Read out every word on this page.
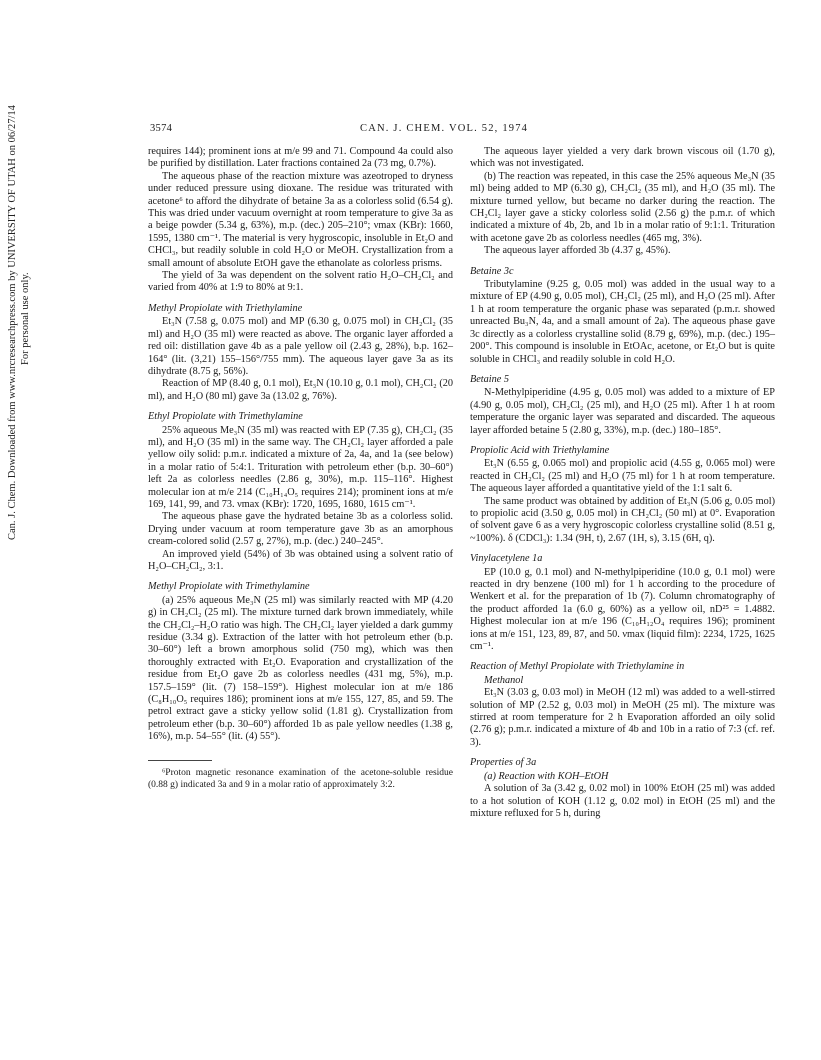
Can. J. Chem. Downloaded from www.nrcresearchpress.com by UNIVERSITY OF UTAH on 06/27/14 For personal use only.
3574	CAN. J. CHEM. VOL. 52, 1974

requires 144); prominent ions at m/e 99 and 71. Compound 4a could also be purified by distillation. Later fractions contained 2a (73 mg, 0.7%).

The aqueous phase of the reaction mixture was azeotroped to dryness under reduced pressure using dioxane. The residue was triturated with acetone⁶ to afford the dihydrate of betaine 3a as a colorless solid (6.54 g). This was dried under vacuum overnight at room temperature to give 3a as a beige powder (5.34 g, 63%), m.p. (dec.) 205–210°; νmax (KBr): 1660, 1595, 1380 cm⁻¹. The material is very hygroscopic, insoluble in Et₂O and CHCl₃, but readily soluble in cold H₂O or MeOH. Crystallization from a small amount of absolute EtOH gave the ethanolate as colorless prisms.

The yield of 3a was dependent on the solvent ratio H₂O–CH₂Cl₂ and varied from 40% at 1:9 to 80% at 9:1.

Methyl Propiolate with Triethylamine

Et₃N (7.58 g, 0.075 mol) and MP (6.30 g, 0.075 mol) in CH₂Cl₂ (35 ml) and H₂O (35 ml) were reacted as above. The organic layer afforded a red oil: distillation gave 4b as a pale yellow oil (2.43 g, 28%), b.p. 162–164° (lit. (3,21) 155–156°/755 mm). The aqueous layer gave 3a as its dihydrate (8.75 g, 56%).

Reaction of MP (8.40 g, 0.1 mol), Et₃N (10.10 g, 0.1 mol), CH₂Cl₂ (20 ml), and H₂O (80 ml) gave 3a (13.02 g, 76%).

Ethyl Propiolate with Trimethylamine

25% aqueous Me₃N (35 ml) was reacted with EP (7.35 g), CH₂Cl₂ (35 ml), and H₂O (35 ml) in the same way. The CH₂Cl₂ layer afforded a pale yellow oily solid: p.m.r. indicated a mixture of 2a, 4a, and 1a (see below) in a molar ratio of 5:4:1. Trituration with petroleum ether (b.p. 30–60°) left 2a as colorless needles (2.86 g, 30%), m.p. 115–116°. Highest molecular ion at m/e 214 (C₁₀H₁₄O₅ requires 214); prominent ions at m/e 169, 141, 99, and 73. νmax (KBr): 1720, 1695, 1680, 1615 cm⁻¹.

The aqueous phase gave the hydrated betaine 3b as a colorless solid. Drying under vacuum at room temperature gave 3b as an amorphous cream-colored solid (2.57 g, 27%), m.p. (dec.) 240–245°.

An improved yield (54%) of 3b was obtained using a solvent ratio of H₂O–CH₂Cl₂, 3:1.

Methyl Propiolate with Trimethylamine

(a) 25% aqueous Me₃N (25 ml) was similarly reacted with MP (4.20 g) in CH₂Cl₂ (25 ml). The mixture turned dark brown immediately, while the CH₂Cl₂–H₂O ratio was high. The CH₂Cl₂ layer yielded a dark gummy residue (3.34 g). Extraction of the latter with hot petroleum ether (b.p. 30–60°) left a brown amorphous solid (750 mg), which was then thoroughly extracted with Et₂O. Evaporation and crystallization of the residue from Et₂O gave 2b as colorless needles (431 mg, 5%), m.p. 157.5–159° (lit. (7) 158–159°). Highest molecular ion at m/e 186 (C₈H₁₀O₅ requires 186); prominent ions at m/e 155, 127, 85, and 59. The petrol extract gave a sticky yellow solid (1.81 g). Crystallization from petroleum ether (b.p. 30–60°) afforded 1b as pale yellow needles (1.38 g, 16%), m.p. 54–55° (lit. (4) 55°).

⁶Proton magnetic resonance examination of the acetone-soluble residue (0.88 g) indicated 3a and 9 in a molar ratio of approximately 3:2.

The aqueous layer yielded a very dark brown viscous oil (1.70 g), which was not investigated.

(b) The reaction was repeated, in this case the 25% aqueous Me₃N (35 ml) being added to MP (6.30 g), CH₂Cl₂ (35 ml), and H₂O (35 ml). The mixture turned yellow, but became no darker during the reaction. The CH₂Cl₂ layer gave a sticky colorless solid (2.56 g) the p.m.r. of which indicated a mixture of 4b, 2b, and 1b in a molar ratio of 9:1:1. Trituration with acetone gave 2b as colorless needles (465 mg, 3%).

The aqueous layer afforded 3b (4.37 g, 45%).

Betaine 3c

Tributylamine (9.25 g, 0.05 mol) was added in the usual way to a mixture of EP (4.90 g, 0.05 mol), CH₂Cl₂ (25 ml), and H₂O (25 ml). After 1 h at room temperature the organic phase was separated (p.m.r. showed unreacted Bu₃N, 4a, and a small amount of 2a). The aqueous phase gave 3c directly as a colorless crystalline solid (8.79 g, 69%), m.p. (dec.) 195–200°. This compound is insoluble in EtOAc, acetone, or Et₂O but is quite soluble in CHCl₃ and readily soluble in cold H₂O.

Betaine 5

N-Methylpiperidine (4.95 g, 0.05 mol) was added to a mixture of EP (4.90 g, 0.05 mol), CH₂Cl₂ (25 ml), and H₂O (25 ml). After 1 h at room temperature the organic layer was separated and discarded. The aqueous layer afforded betaine 5 (2.80 g, 33%), m.p. (dec.) 180–185°.

Propiolic Acid with Triethylamine

Et₃N (6.55 g, 0.065 mol) and propiolic acid (4.55 g, 0.065 mol) were reacted in CH₂Cl₂ (25 ml) and H₂O (75 ml) for 1 h at room temperature. The aqueous layer afforded a quantitative yield of the 1:1 salt 6.

The same product was obtained by addition of Et₃N (5.06 g, 0.05 mol) to propiolic acid (3.50 g, 0.05 mol) in CH₂Cl₂ (50 ml) at 0°. Evaporation of solvent gave 6 as a very hygroscopic colorless crystalline solid (8.51 g, ~100%). δ (CDCl₃): 1.34 (9H, t), 2.67 (1H, s), 3.15 (6H, q).

Vinylacetylene 1a

EP (10.0 g, 0.1 mol) and N-methylpiperidine (10.0 g, 0.1 mol) were reacted in dry benzene (100 ml) for 1 h according to the procedure of Wenkert et al. for the preparation of 1b (7). Column chromatography of the product afforded 1a (6.0 g, 60%) as a yellow oil, nD²⁵ = 1.4882. Highest molecular ion at m/e 196 (C₁₀H₁₂O₄ requires 196); prominent ions at m/e 151, 123, 89, 87, and 50. νmax (liquid film): 2234, 1725, 1625 cm⁻¹.

Reaction of Methyl Propiolate with Triethylamine in
Methanol

Et₃N (3.03 g, 0.03 mol) in MeOH (12 ml) was added to a well-stirred solution of MP (2.52 g, 0.03 mol) in MeOH (25 ml). The mixture was stirred at room temperature for 2 h Evaporation afforded an oily solid (2.76 g); p.m.r. indicated a mixture of 4b and 10b in a ratio of 7:3 (cf. ref. 3).

Properties of 3a
(a) Reaction with KOH–EtOH

A solution of 3a (3.42 g, 0.02 mol) in 100% EtOH (25 ml) was added to a hot solution of KOH (1.12 g, 0.02 mol) in EtOH (25 ml) and the mixture refluxed for 5 h, during
